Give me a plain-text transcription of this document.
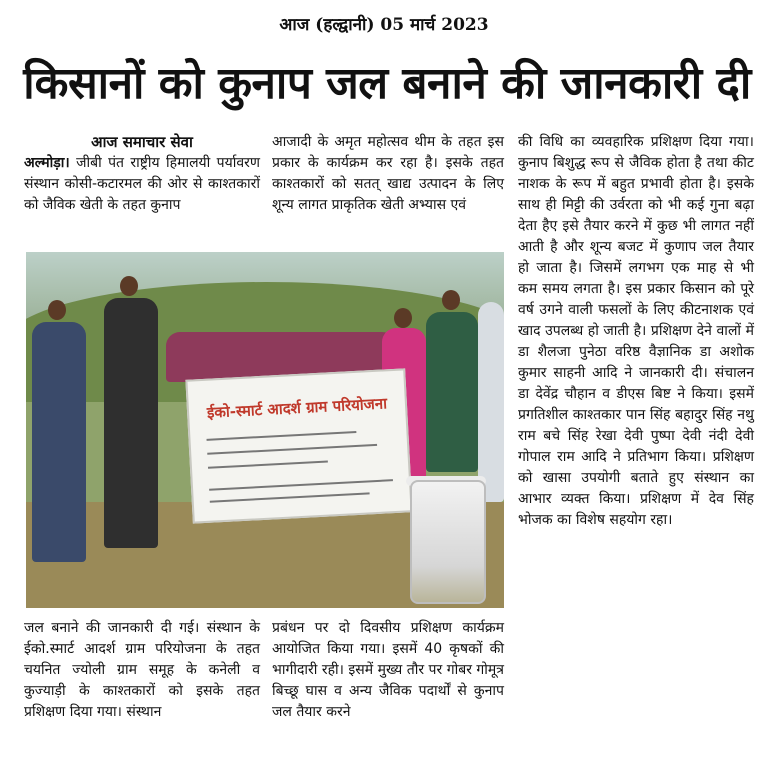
आज (हल्द्वानी) 05 मार्च 2023
किसानों को कुनाप जल बनाने की जानकारी दी
आज समाचार सेवा

अल्मोड़ा। जीबी पंत राष्ट्रीय हिमालयी पर्यावरण संस्थान कोसी-कटारमल की ओर से काश्तकारों को जैविक खेती के तहत कुनाप

आजादी के अमृत महोत्सव थीम के तहत इस प्रकार के कार्यक्रम कर रहा है। इसके तहत काश्तकारों को सतत् खाद्य उत्पादन के लिए शून्य लागत प्राकृतिक खेती अभ्यास एवं

की विधि का व्यवहारिक प्रशिक्षण दिया गया। कुनाप बिशुद्ध रूप से जैविक होता है तथा कीट नाशक के रूप में बहुत प्रभावी होता है। इसके साथ ही मिट्टी की उर्वरता को भी कई गुना बढ़ा देता हैए इसे तैयार करने में कुछ भी लागत नहीं आती है और शून्य बजट में कुणाप जल तैयार हो जाता है। जिसमें लगभग एक माह से भी कम समय लगता है। इस प्रकार किसान को पूरे वर्ष उगने वाली फसलों के लिए कीटनाशक एवं खाद उपलब्ध हो जाती है। प्रशिक्षण देने वालों में डा शैलजा पुनेठा वरिष्ठ वैज्ञानिक डा अशोक कुमार साहनी आदि ने जानकारी दी। संचालन डा देवेंद्र चौहान व डीएस बिष्ट ने किया। इसमें प्रगतिशील काश्तकार पान सिंह बहादुर सिंह नथु राम बचे सिंह रेखा देवी पुष्पा देवी नंदी देवी गोपाल राम आदि ने प्रतिभाग किया। प्रशिक्षण को खासा उपयोगी बताते हुए संस्थान का आभार व्यक्त किया। प्रशिक्षण में देव सिंह भोजक का विशेष सहयोग रहा।

ईको-स्मार्ट आदर्श ग्राम परियोजना

जल बनाने की जानकारी दी गई। संस्थान के ईको.स्मार्ट आदर्श ग्राम परियोजना के तहत चयनित ज्योली ग्राम समूह के कनेली व कुज्याड़ी के काश्तकारों को इसके तहत प्रशिक्षण दिया गया। संस्थान

प्रबंधन पर दो दिवसीय प्रशिक्षण कार्यक्रम आयोजित किया गया। इसमें 40 कृषकों की भागीदारी रही। इसमें मुख्य तौर पर गोबर गोमूत्र बिच्छू घास व अन्य जैविक पदार्थों से कुनाप जल तैयार करने
